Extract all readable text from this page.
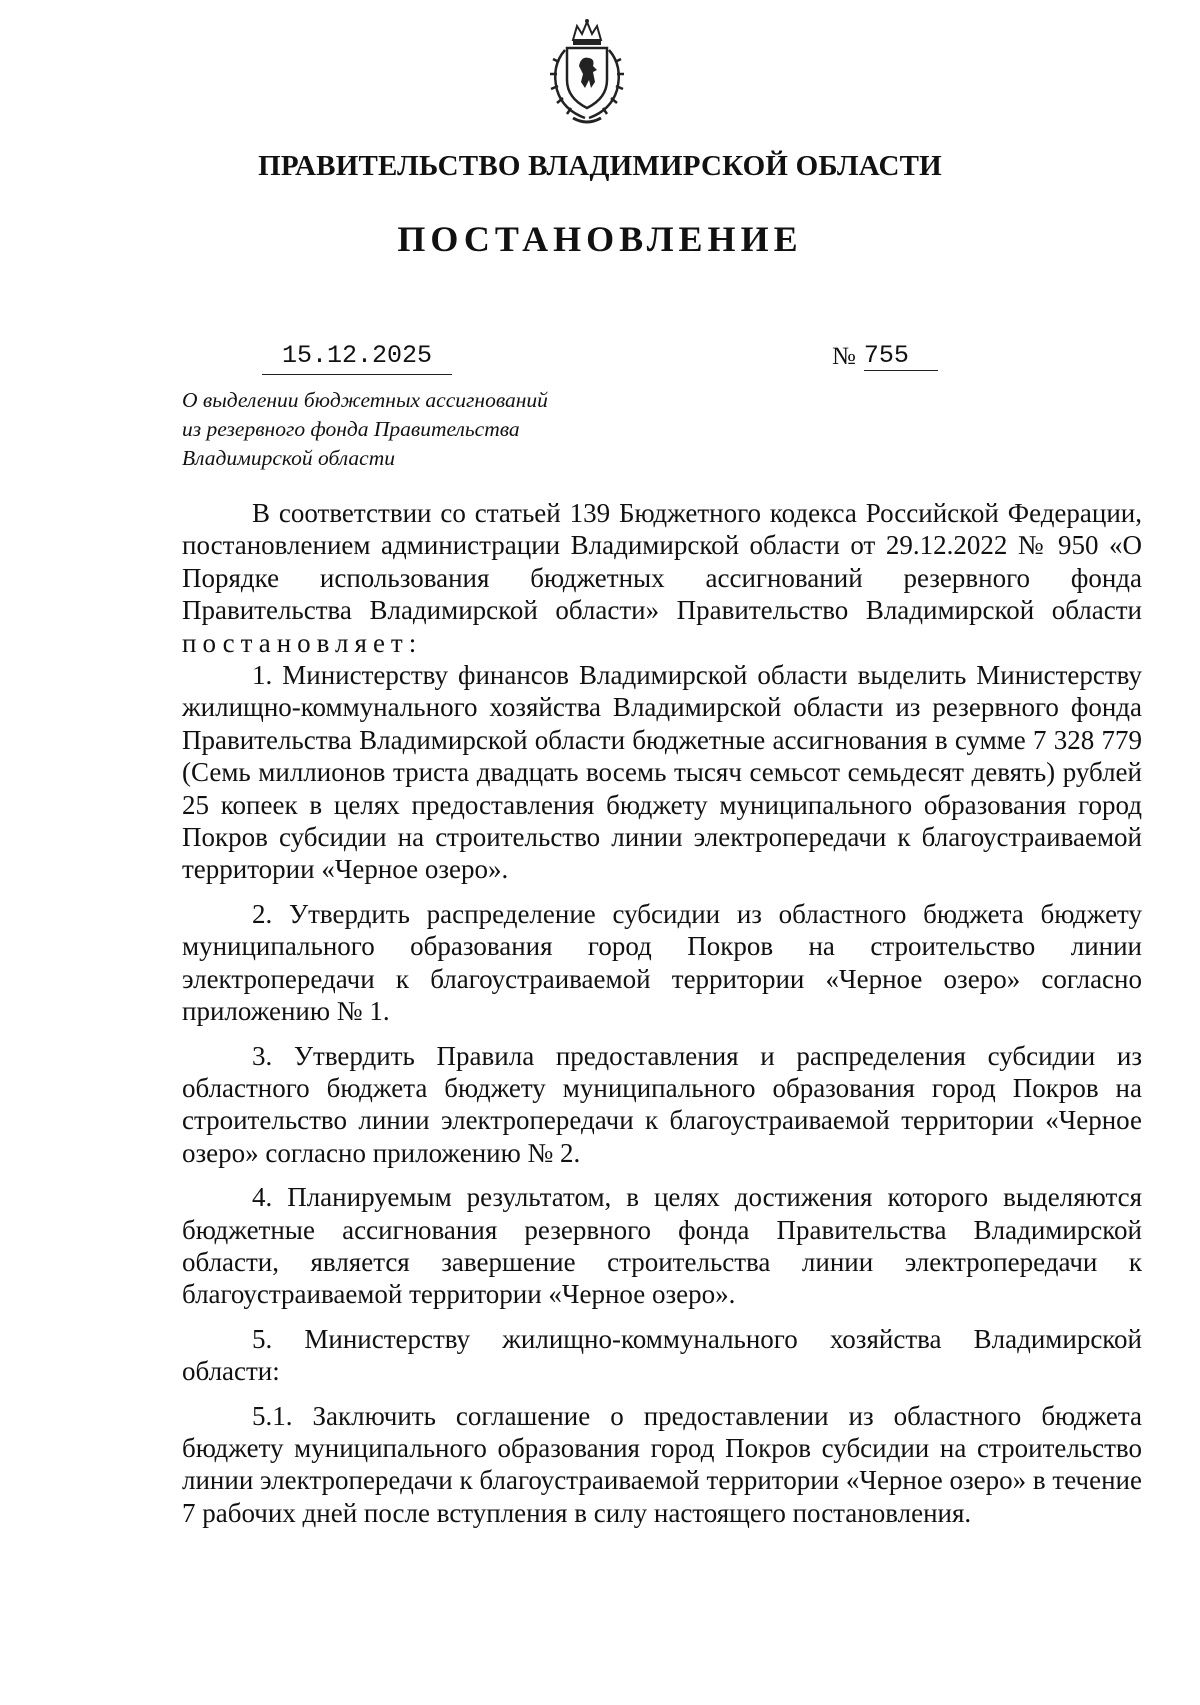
ПРАВИТЕЛЬСТВО ВЛАДИМИРСКОЙ ОБЛАСТИ
ПОСТАНОВЛЕНИЕ
15.12.2025	№ 755
О выделении бюджетных ассигнований
из резервного фонда Правительства
Владимирской области

В соответствии со статьей 139 Бюджетного кодекса Российской Федерации, постановлением администрации Владимирской области от 29.12.2022 № 950 «О Порядке использования бюджетных ассигнований резервного фонда Правительства Владимирской области» Правительство Владимирской области постановляет:

1. Министерству финансов Владимирской области выделить Министерству жилищно-коммунального хозяйства Владимирской области из резервного фонда Правительства Владимирской области бюджетные ассигнования в сумме 7 328 779 (Семь миллионов триста двадцать восемь тысяч семьсот семьдесят девять) рублей 25 копеек в целях предоставления бюджету муниципального образования город Покров субсидии на строительство линии электропередачи к благоустраиваемой территории «Черное озеро».

2. Утвердить распределение субсидии из областного бюджета бюджету муниципального образования город Покров на строительство линии электропередачи к благоустраиваемой территории «Черное озеро» согласно приложению № 1.

3. Утвердить Правила предоставления и распределения субсидии из областного бюджета бюджету муниципального образования город Покров на строительство линии электропередачи к благоустраиваемой территории «Черное озеро» согласно приложению № 2.

4. Планируемым результатом, в целях достижения которого выделяются бюджетные ассигнования резервного фонда Правительства Владимирской области, является завершение строительства линии электропередачи к благоустраиваемой территории «Черное озеро».

5. Министерству жилищно-коммунального хозяйства Владимирской области:

5.1. Заключить соглашение о предоставлении из областного бюджета бюджету муниципального образования город Покров субсидии на строительство линии электропередачи к благоустраиваемой территории «Черное озеро» в течение 7 рабочих дней после вступления в силу настоящего постановления.
